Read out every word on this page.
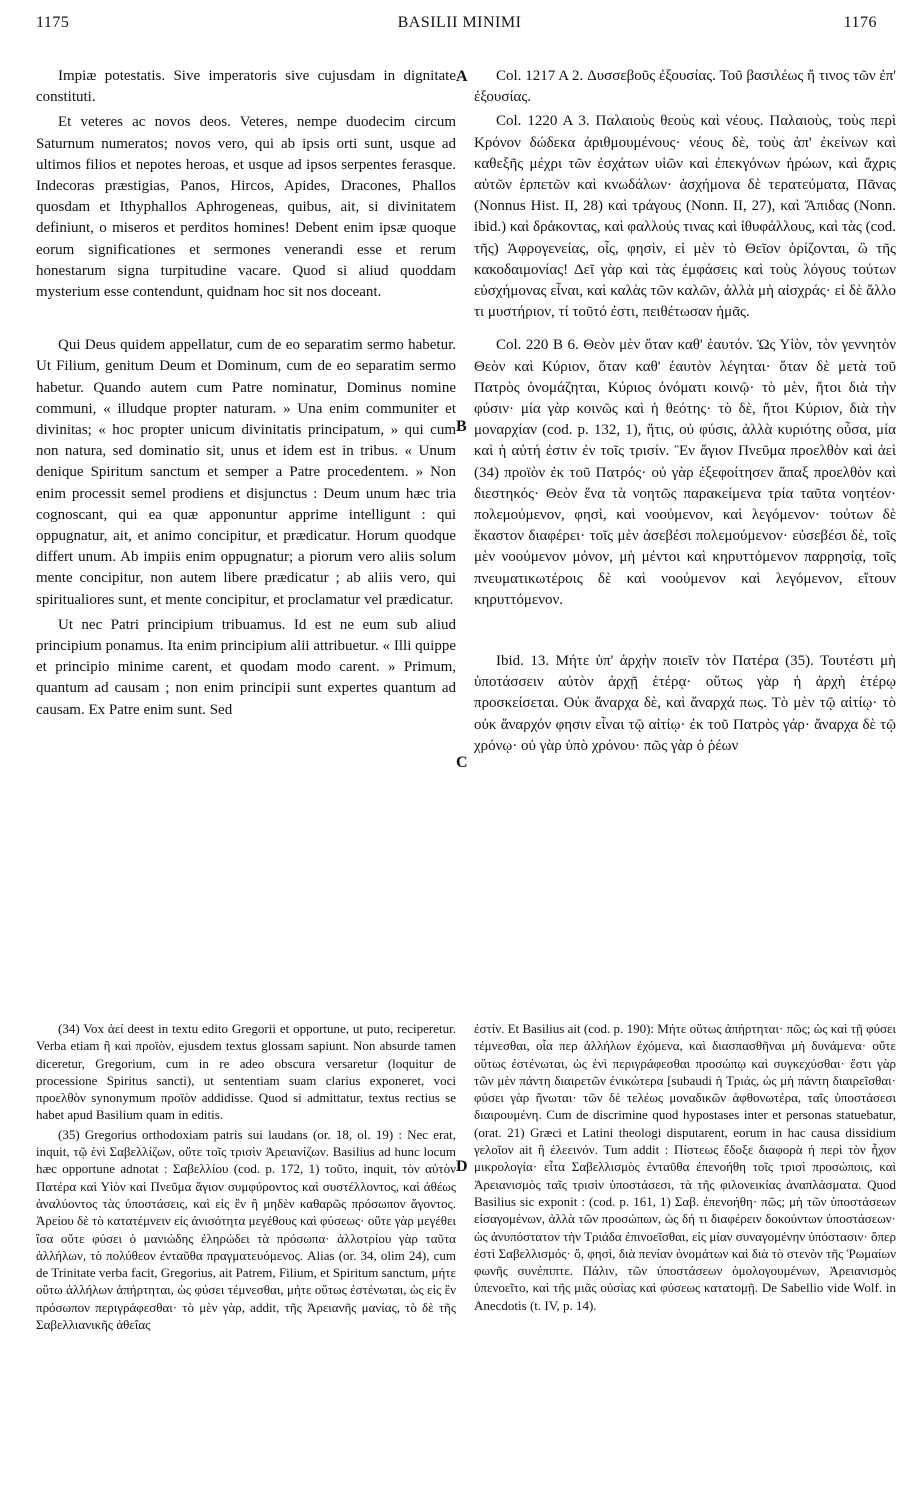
1175	BASILII MINIMI	1176
A
B
C
D

Impiæ potestatis. Sive imperatoris sive cujusdam in dignitate constituti.

Et veteres ac novos deos. Veteres, nempe duodecim circum Saturnum numeratos; novos vero, qui ab ipsis orti sunt, usque ad ultimos filios et nepotes heroas, et usque ad ipsos serpentes ferasque. Indecoras præstigias, Panos, Hircos, Apides, Dracones, Phallos quosdam et Ithyphallos Aphrogeneas, quibus, ait, si divinitatem definiunt, o miseros et perditos homines! Debent enim ipsæ quoque eorum significationes et sermones venerandi esse et rerum honestarum signa turpitudine vacare. Quod si aliud quoddam mysterium esse contendunt, quidnam hoc sit nos doceant.

Qui Deus quidem appellatur, cum de eo separatim sermo habetur. Ut Filium, genitum Deum et Dominum, cum de eo separatim sermo habetur. Quando autem cum Patre nominatur, Dominus nomine communi, « illudque propter naturam. » Una enim communiter et divinitas; « hoc propter unicum divinitatis principatum, » qui cum non natura, sed dominatio sit, unus et idem est in tribus. « Unum denique Spiritum sanctum et semper a Patre procedentem. » Non enim processit semel prodiens et disjunctus : Deum unum hæc tria cognoscant, qui ea quæ apponuntur apprime intelligunt : qui oppugnatur, ait, et animo concipitur, et prædicatur. Horum quodque differt unum. Ab impiis enim oppugnatur; a piorum vero aliis solum mente concipitur, non autem libere prædicatur ; ab aliis vero, qui spiritualiores sunt, et mente concipitur, et proclamatur vel prædicatur.

Ut nec Patri principium tribuamus. Id est ne eum sub aliud principium ponamus. Ita enim principium alii attribuetur. « Illi quippe et principio minime carent, et quodam modo carent. » Primum, quantum ad causam ; non enim principii sunt expertes quantum ad causam. Ex Patre enim sunt. Sed

Col. 1217 A 2. Δυσσεβοῦς ἐξουσίας. Τοῦ βασιλέως ἤ τινος τῶν ἐπ' ἐξουσίας.

Col. 1220 A 3. Παλαιοὺς θεοὺς καὶ νέους. Παλαιοὺς, τοὺς περὶ Κρόνον δώδεκα ἀριθμουμένους· νέους δὲ, τοὺς ἀπ' ἐκείνων καὶ καθεξῆς μέχρι τῶν ἐσχάτων υἱῶν καὶ ἐπεκγόνων ἡρώων, καὶ ἄχρις αὐτῶν ἑρπετῶν καὶ κνωδάλων· ἀσχήμονα δὲ τερατεύματα, Πᾶνας (Nonnus Hist. II, 28) καὶ τράγους (Nonn. II, 27), καὶ Ἄπιδας (Nonn. ibid.) καὶ δράκοντας, καὶ φαλλούς τινας καὶ ἰθυφάλλους, καὶ τὰς (cod. τῆς) Ἀφρογενείας, οἷς, φησὶν, εἰ μὲν τὸ Θεῖον ὁρίζονται, ὢ τῆς κακοδαιμονίας! Δεῖ γὰρ καὶ τὰς ἐμφάσεις καὶ τοὺς λόγους τούτων εὐσχήμονας εἶναι, καὶ καλὰς τῶν καλῶν, ἀλλὰ μὴ αἰσχράς· εἰ δὲ ἄλλο τι μυστήριον, τί τοῦτό ἐστι, πειθέτωσαν ἡμᾶς.

Col. 220 B 6. Θεὸν μὲν ὅταν καθ' ἑαυτόν. Ὡς Υἱὸν, τὸν γεννητὸν Θεὸν καὶ Κύριον, ὅταν καθ' ἑαυτὸν λέγηται· ὅταν δὲ μετὰ τοῦ Πατρὸς ὀνομάζηται, Κύριος ὀνόματι κοινῷ· τὸ μὲν, ἤτοι διὰ τὴν φύσιν· μία γὰρ κοινῶς καὶ ἡ θεότης· τὸ δὲ, ἤτοι Κύριον, διὰ τὴν μοναρχίαν (cod. p. 132, 1), ἥτις, οὐ φύσις, ἀλλὰ κυριότης οὖσα, μία καὶ ἡ αὐτή ἐστιν ἐν τοῖς τρισίν. Ἓν ἅγιον Πνεῦμα προελθὸν καὶ ἀεὶ (34) προϊὸν ἐκ τοῦ Πατρός· οὐ γὰρ ἐξεφοίτησεν ἅπαξ προελθὸν καὶ διεστηκός· Θεὸν ἕνα τὰ νοητῶς παρακείμενα τρία ταῦτα νοητέον· πολεμούμενον, φησὶ, καὶ νοούμενον, καὶ λεγόμενον· τούτων δὲ ἕκαστον διαφέρει· τοῖς μὲν ἀσεβέσι πολεμούμενον· εὐσεβέσι δὲ, τοῖς μὲν νοούμενον μόνον, μὴ μέντοι καὶ κηρυττόμενον παρρησίᾳ, τοῖς πνευματικωτέροις δὲ καὶ νοούμενον καὶ λεγόμενον, εἴτουν κηρυττόμενον.

Ibid. 13. Μήτε ὑπ' ἀρχὴν ποιεῖν τὸν Πατέρα (35). Τουτέστι μὴ ὑποτάσσειν αὐτὸν ἀρχῇ ἑτέρᾳ· οὕτως γὰρ ἡ ἀρχὴ ἑτέρῳ προσκείσεται. Οὐκ ἄναρχα δὲ, καὶ ἄναρχά πως. Τὸ μὲν τῷ αἰτίῳ· τὸ οὐκ ἄναρχόν φησιν εἶναι τῷ αἰτίῳ· ἐκ τοῦ Πατρὸς γάρ· ἄναρχα δὲ τῷ χρόνῳ· οὐ γὰρ ὑπὸ χρόνου· πῶς γὰρ ὁ ῥέων

(34) Vox ἀεί deest in textu edito Gregorii et opportune, ut puto, reciperetur. Verba etiam ἢ καὶ προϊὸν, ejusdem textus glossam sapiunt. Non absurde tamen diceretur, Gregorium, cum in re adeo obscura versaretur (loquitur de processione Spiritus sancti), ut sententiam suam clarius exponeret, voci προελθὸν synonymum προϊὸν addidisse. Quod si admittatur, textus rectius se habet apud Basilium quam in editis.

(35) Gregorius orthodoxiam patris sui laudans (or. 18, ol. 19) : Nec erat, inquit, τῷ ἑνὶ Σαβελλίζων, οὔτε τοῖς τρισὶν Ἀρειανίζων. Basilius ad hunc locum hæc opportune adnotat : Σαβελλίου (cod. p. 172, 1) τοῦτο, inquit, τὸν αὐτὸν Πατέρα καὶ Υἱὸν καὶ Πνεῦμα ἅγιον συμφύροντος καὶ συστέλλοντος, καὶ ἀθέως ἀναλύοντος τὰς ὑποστάσεις, καὶ εἰς ἓν ἢ μηδὲν καθαρῶς πρόσωπον ἄγοντος. Ἀρείου δὲ τὸ κατατέμνειν εἰς ἀνισότητα μεγέθους καὶ φύσεως· οὔτε γὰρ μεγέθει ἴσα οὔτε φύσει ὁ μανιώδης ἐληρώδει τὰ πρόσωπα· ἀλλοτρίου γὰρ ταῦτα ἀλλήλων, τὸ πολύθεον ἐνταῦθα πραγματευόμενος. Alias (or. 34, olim 24), cum de Trinitate verba facit, Gregorius, ait Patrem, Filium, et Spiritum sanctum, μήτε οὕτω ἀλλήλων ἀπήρτηται, ὡς φύσει τέμνεσθαι, μήτε οὕτως ἐστένωται, ὡς εἰς ἓν πρόσωπον περιγράφεσθαι· τὸ μὲν γὰρ, addit, τῆς Ἀρειανῆς μανίας, τὸ δὲ τῆς Σαβελλιανικῆς ἀθεΐας

ἐστίν. Et Basilius ait (cod. p. 190): Μήτε οὕτως ἀπήρτηται· πῶς; ὡς καὶ τῇ φύσει τέμνεσθαι, οἷα περ ἀλλήλων ἐχόμενα, καὶ διασπασθῆναι μὴ δυνάμενα· οὔτε οὕτως ἐστένωται, ὡς ἑνὶ περιγράφεσθαι προσώπῳ καὶ συγκεχύσθαι· ἔστι γὰρ τῶν μὲν πάντη διαιρετῶν ἐνικώτερα [subaudi ἡ Τριάς, ὡς μὴ πάντη διαιρεῖσθαι· φύσει γὰρ ἥνωται· τῶν δὲ τελέως μοναδικῶν ἀφθονωτέρα, ταῖς ὑποστάσεσι διαιρουμένη. Cum de discrimine quod hypostases inter et personas statuebatur, (orat. 21) Græci et Latini theologi disputarent, eorum in hac causa dissidium γελοῖον ait ἢ ἐλεεινόν. Tum addit : Πίστεως ἔδοξε διαφορὰ ἡ περὶ τὸν ἦχον μικρολογία· εἶτα Σαβελλισμὸς ἐνταῦθα ἐπενοήθη τοῖς τρισὶ προσώποις, καὶ Ἀρειανισμὸς ταῖς τρισὶν ὑποστάσεσι, τὰ τῆς φιλονεικίας ἀναπλάσματα. Quod Basilius sic exponit : (cod. p. 161, 1) Σαβ. ἐπενοήθη· πῶς; μὴ τῶν ὑποστάσεων εἰσαγομένων, ἀλλὰ τῶν προσώπων, ὡς δή τι διαφέρειν δοκούντων ὑποστάσεων· ὡς ἀνυπόστατον τὴν Τριάδα ἐπινοεῖσθαι, εἰς μίαν συναγομένην ὑπόστασιν· ὅπερ ἐστὶ Σαβελλισμός· ὅ, φησὶ, διὰ πενίαν ὀνομάτων καὶ διὰ τὸ στενὸν τῆς Ῥωμαίων φωνῆς συνέπιπτε. Πάλιν, τῶν ὑποστάσεων ὁμολογουμένων, Ἀρειανισμὸς ὑπενοεῖτο, καὶ τῆς μιᾶς οὐσίας καὶ φύσεως κατατομῇ. De Sabellio vide Wolf. in Anecdotis (t. IV, p. 14).
